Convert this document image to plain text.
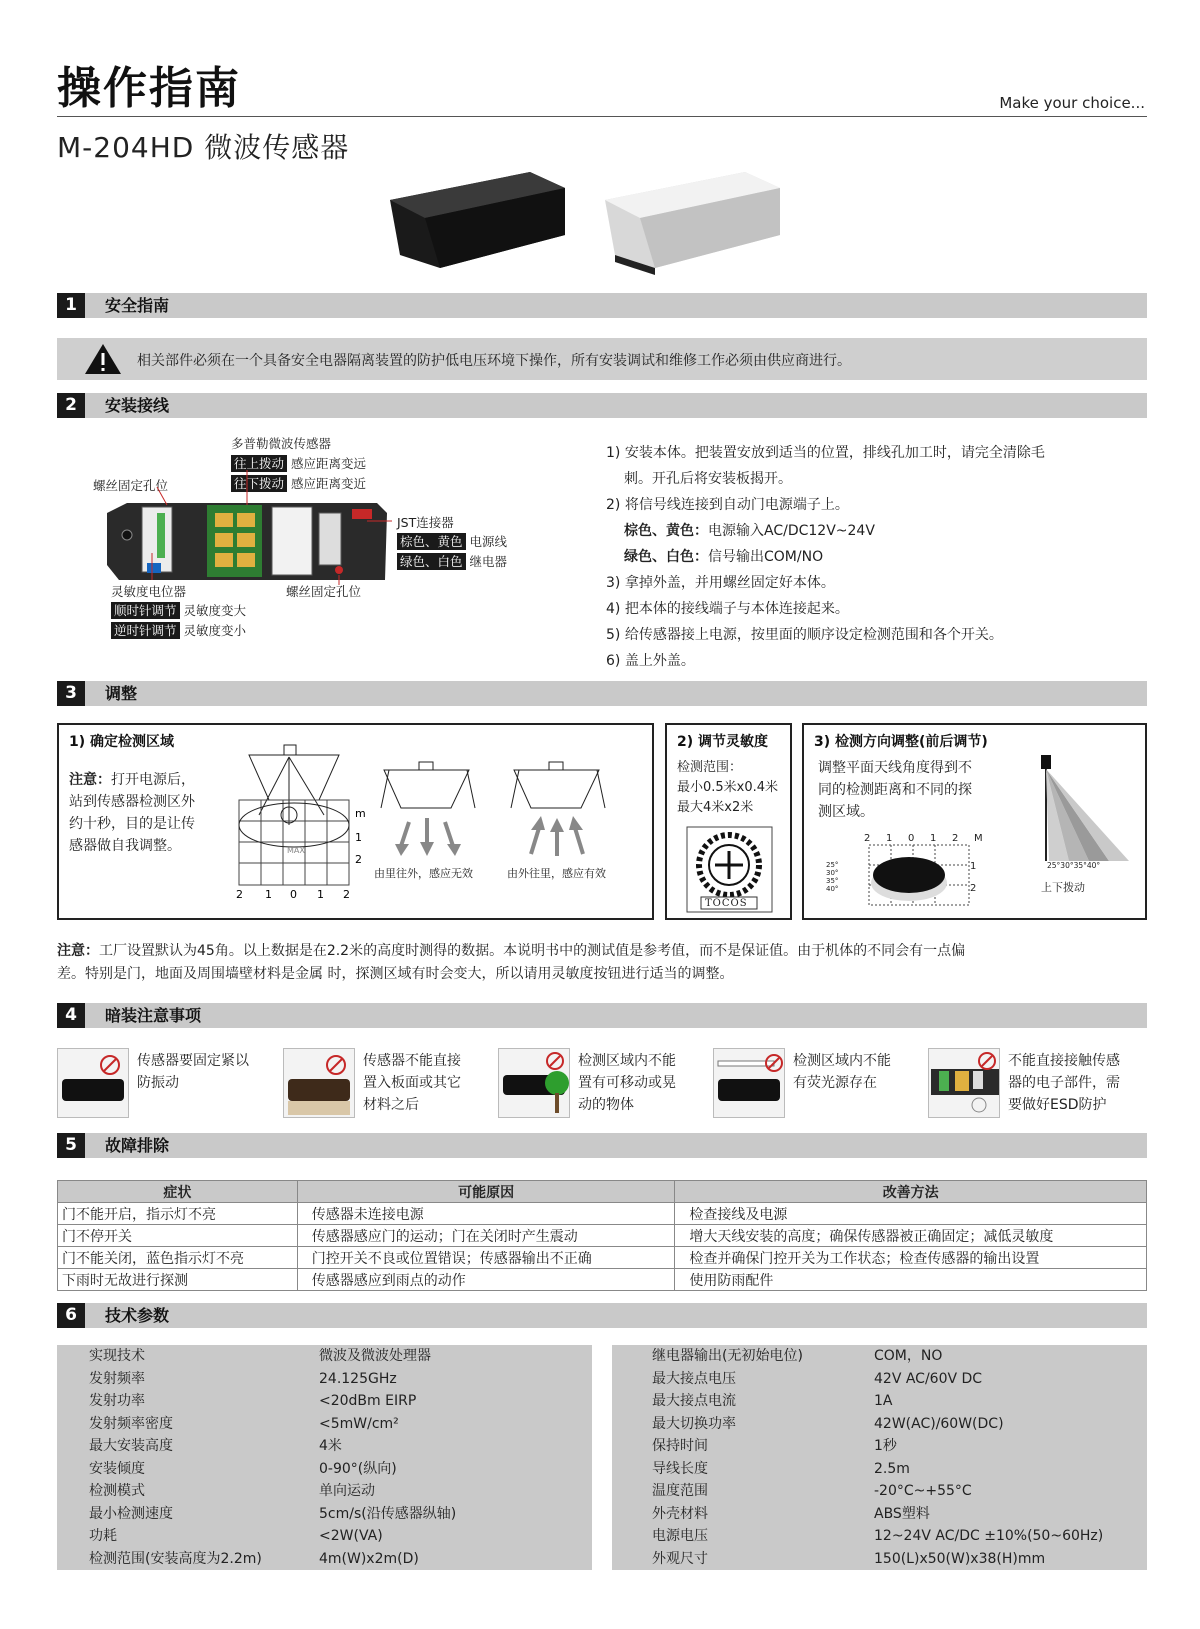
操作指南	Make your choice...
M-204HD 微波传感器
1	安全指南
相关部件必须在一个具备安全电器隔离装置的防护低电压环境下操作，所有安装调试和维修工作必须由供应商进行。
2	安装接线
多普勒微波传感器
往上拨动 感应距离变远
往下拨动 感应距离变近
螺丝固定孔位
JST连接器
棕色、黄色 电源线
绿色、白色 继电器
灵敏度电位器
顺时针调节 灵敏度变大
逆时针调节 灵敏度变小
螺丝固定孔位
1) 安装本体。把装置安放到适当的位置，排线孔加工时，请完全清除毛
刺。开孔后将安装板揭开。
2) 将信号线连接到自动门电源端子上。
棕色、黄色：电源输入AC/DC12V~24V
绿色、白色：信号输出COM/NO
3) 拿掉外盖，并用螺丝固定好本体。
4) 把本体的接线端子与本体连接起来。
5) 给传感器接上电源，按里面的顺序设定检测范围和各个开关。
6) 盖上外盖。
3	调整
1) 确定检测区域
注意：打开电源后，
站到传感器检测区外
约十秒，目的是让传
感器做自我调整。	MAX
m
1
2
2 1 0 1 2
由里往外，感应无效	由外往里，感应有效
2) 调节灵敏度
检测范围：
最小0.5米x0.4米
最大4米x2米
TOCOS
3) 检测方向调整(前后调节)
调整平面天线角度得到不
同的检测距离和不同的探
测区域。
2 1 0 1 2 M
25°
30°
35°
40°
1
2
25°30°35°40°
上下拨动
注意：工厂设置默认为45角。以上数据是在2.2米的高度时测得的数据。本说明书中的测试值是参考值，而不是保证值。由于机体的不同会有一点偏
差。特别是门，地面及周围墙壁材料是金属 时，探测区域有时会变大，所以请用灵敏度按钮进行适当的调整。
4	暗装注意事项
传感器要固定紧以
防振动
传感器不能直接
置入板面或其它
材料之后
检测区域内不能
置有可移动或晃
动的物体
检测区域内不能
有荧光源存在
不能直接接触传感
器的电子部件，需
要做好ESD防护
5	故障排除
症状	可能原因	改善方法
门不能开启，指示灯不亮	传感器未连接电源	检查接线及电源
门不停开关	传感器感应门的运动；门在关闭时产生震动	增大天线安装的高度；确保传感器被正确固定；减低灵敏度
门不能关闭，蓝色指示灯不亮	门控开关不良或位置错误；传感器输出不正确	检查并确保门控开关为工作状态；检查传感器的输出设置
下雨时无故进行探测	传感器感应到雨点的动作	使用防雨配件
6	技术参数
实现技术	微波及微波处理器
发射频率	24.125GHz
发射功率	<20dBm EIRP
发射频率密度	<5mW/cm²
最大安装高度	4米
安装倾度	0-90°(纵向)
检测模式	单向运动
最小检测速度	5cm/s(沿传感器纵轴)
功耗	<2W(VA)
检测范围(安装高度为2.2m)	4m(W)x2m(D)
继电器输出(无初始电位)	COM，NO
最大接点电压	42V AC/60V DC
最大接点电流	1A
最大切换功率	42W(AC)/60W(DC)
保持时间	1秒
导线长度	2.5m
温度范围	-20°C~+55°C
外壳材料	ABS塑料
电源电压	12~24V AC/DC ±10%(50~60Hz)
外观尺寸	150(L)x50(W)x38(H)mm
